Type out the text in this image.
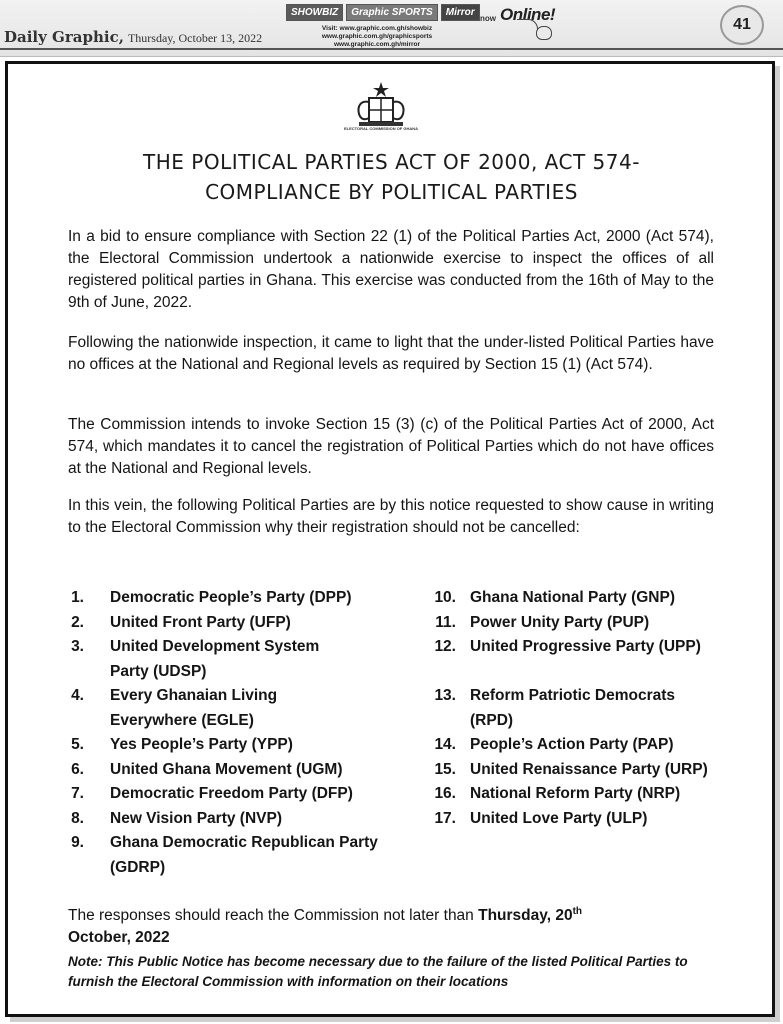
Daily Graphic, Thursday, October 13, 2022
SHOWBIZ	Graphic SPORTS	Mirror
Visit: www.graphic.com.gh/showbiz
www.graphic.com.gh/graphicsports
www.graphic.com.gh/mirror
now Online!
41
ELECTORAL COMMISSION OF GHANA
THE POLITICAL PARTIES ACT OF 2000, ACT 574-
COMPLIANCE BY POLITICAL PARTIES
In a bid to ensure compliance with Section 22 (1) of the Political Parties Act, 2000 (Act 574), the Electoral Commission undertook a nationwide exercise to inspect the offices of all registered political parties in Ghana. This exercise was conducted from the 16th of May to the 9th of June, 2022.
Following the nationwide inspection, it came to light that the under-listed Political Parties have no offices at the National and Regional levels as required by Section 15 (1) (Act 574).
The Commission intends to invoke Section 15 (3) (c) of the Political Parties Act of 2000, Act 574, which mandates it to cancel the registration of Political Parties which do not have offices at the National and Regional levels.
In this vein, the following Political Parties are by this notice requested to show cause in writing to the Electoral Commission why their registration should not be cancelled:
1. Democratic People’s Party (DPP)
2. United Front Party (UFP)
3. United Development System Party (UDSP)
4. Every Ghanaian Living Everywhere (EGLE)
5. Yes People’s Party (YPP)
6. United Ghana Movement (UGM)
7. Democratic Freedom Party (DFP)
8. New Vision Party (NVP)
9. Ghana Democratic Republican Party (GDRP)
10. Ghana National Party (GNP)
11. Power Unity Party (PUP)
12. United Progressive Party (UPP)
13. Reform Patriotic Democrats (RPD)
14. People’s Action Party (PAP)
15. United Renaissance Party (URP)
16. National Reform Party (NRP)
17. United Love Party (ULP)
The responses should reach the Commission not later than Thursday, 20th
October, 2022
Note: This Public Notice has become necessary due to the failure of the listed Political Parties to furnish the Electoral Commission with information on their locations
